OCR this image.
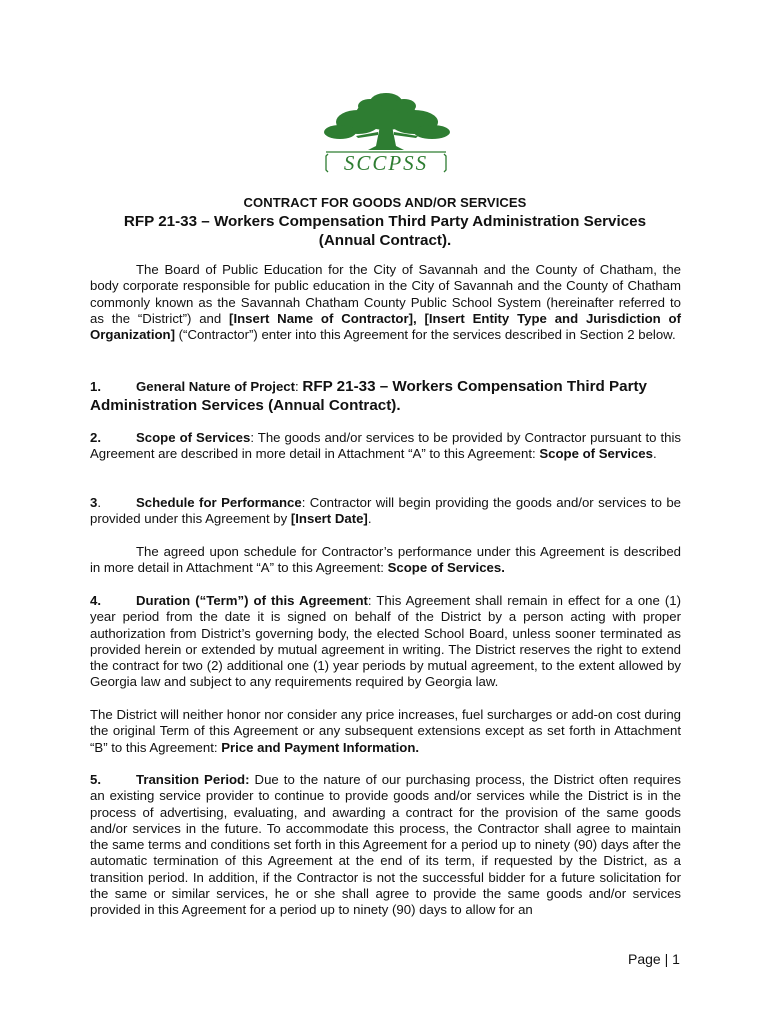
SCCPSS
CONTRACT FOR GOODS AND/OR SERVICES
RFP 21-33 – Workers Compensation Third Party Administration Services
(Annual Contract).

The Board of Public Education for the City of Savannah and the County of Chatham, the body corporate responsible for public education in the City of Savannah and the County of Chatham commonly known as the Savannah Chatham County Public School System (hereinafter referred to as the “District”) and [Insert Name of Contractor], [Insert Entity Type and Jurisdiction of Organization] (“Contractor”) enter into this Agreement for the services described in Section 2 below.

1.	General Nature of Project: RFP 21-33 – Workers Compensation Third Party Administration Services (Annual Contract).

2.	Scope of Services: The goods and/or services to be provided by Contractor pursuant to this Agreement are described in more detail in Attachment “A” to this Agreement: Scope of Services.

3.	Schedule for Performance: Contractor will begin providing the goods and/or services to be provided under this Agreement by [Insert Date].

The agreed upon schedule for Contractor’s performance under this Agreement is described in more detail in Attachment “A” to this Agreement: Scope of Services.

4.	Duration (“Term”) of this Agreement: This Agreement shall remain in effect for a one (1) year period from the date it is signed on behalf of the District by a person acting with proper authorization from District’s governing body, the elected School Board, unless sooner terminated as provided herein or extended by mutual agreement in writing. The District reserves the right to extend the contract for two (2) additional one (1) year periods by mutual agreement, to the extent allowed by Georgia law and subject to any requirements required by Georgia law.

The District will neither honor nor consider any price increases, fuel surcharges or add-on cost during the original Term of this Agreement or any subsequent extensions except as set forth in Attachment “B” to this Agreement: Price and Payment Information.

5.	Transition Period: Due to the nature of our purchasing process, the District often requires an existing service provider to continue to provide goods and/or services while the District is in the process of advertising, evaluating, and awarding a contract for the provision of the same goods and/or services in the future. To accommodate this process, the Contractor shall agree to maintain the same terms and conditions set forth in this Agreement for a period up to ninety (90) days after the automatic termination of this Agreement at the end of its term, if requested by the District, as a transition period. In addition, if the Contractor is not the successful bidder for a future solicitation for the same or similar services, he or she shall agree to provide the same goods and/or services provided in this Agreement for a period up to ninety (90) days to allow for an

Page | 1
